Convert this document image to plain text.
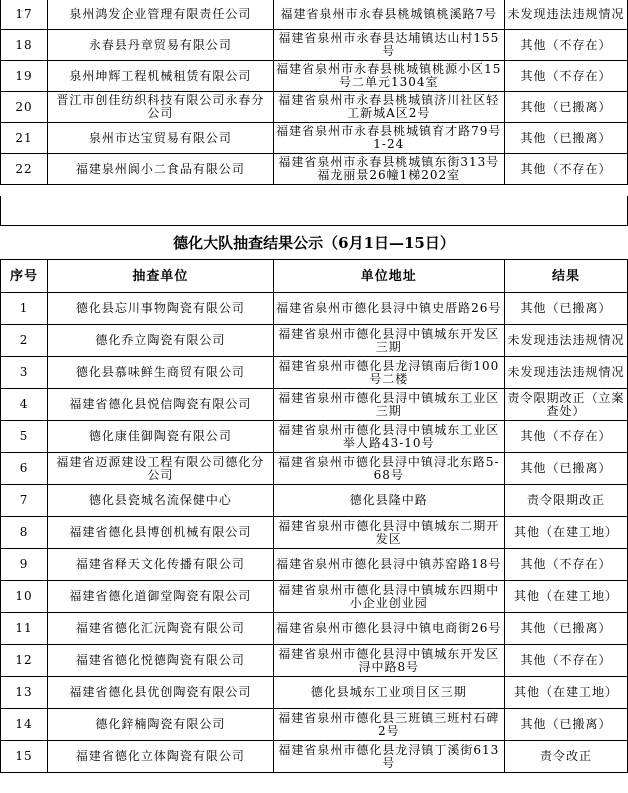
17	泉州鸿发企业管理有限责任公司	福建省泉州市永春县桃城镇桃溪路7号	未发现违法违规情况
18	永春县丹章贸易有限公司	福建省泉州市永春县达埔镇达山村155号	其他（不存在）
19	泉州坤辉工程机械租赁有限公司	福建省泉州市永春县桃城镇桃源小区15号二单元1304室	其他（不存在）
20	晋江市创佳纺织科技有限公司永春分公司	福建省泉州市永春县桃城镇济川社区轻工新城A区2号	其他（已搬离）
21	泉州市达宝贸易有限公司	福建省泉州市永春县桃城镇育才路79号1-24	其他（已搬离）
22	福建泉州阆小二食品有限公司	福建省泉州市永春县桃城镇东街313号福龙丽景26幢1梯202室	其他（不存在）
德化大队抽查结果公示（6月1日—15日）
序号	抽查单位	单位地址	结果
1	德化县忘川事物陶瓷有限公司	福建省泉州市德化县浔中镇史厝路26号	其他（已搬离）
2	德化乔立陶瓷有限公司	福建省泉州市德化县浔中镇城东开发区三期	未发现违法违规情况
3	德化县慕味鲜生商贸有限公司	福建省泉州市德化县龙浔镇南后街100号二楼	未发现违法违规情况
4	福建省德化县悦信陶瓷有限公司	福建省泉州市德化县浔中镇城东工业区三期	责令限期改正（立案查处）
5	德化康佳御陶瓷有限公司	福建省泉州市德化县浔中镇城东工业区举人路43-10号	其他（不存在）
6	福建省迈源建设工程有限公司德化分公司	福建省泉州市德化县浔中镇浔北东路5-68号	其他（已搬离）
7	德化县瓷城名流保健中心	德化县隆中路	责令限期改正
8	福建省德化县博创机械有限公司	福建省泉州市德化县浔中镇城东二期开发区	其他（在建工地）
9	福建省释天文化传播有限公司	福建省泉州市德化县浔中镇苏窑路18号	其他（不存在）
10	福建省德化道御堂陶瓷有限公司	福建省泉州市德化县浔中镇城东四期中小企业创业园	其他（在建工地）
11	福建省德化汇沅陶瓷有限公司	福建省泉州市德化县浔中镇电商街26号	其他（已搬离）
12	福建省德化悦德陶瓷有限公司	福建省泉州市德化县浔中镇城东开发区浔中路8号	其他（不存在）
13	福建省德化县优创陶瓷有限公司	德化县城东工业项目区三期	其他（在建工地）
14	德化鋅楠陶瓷有限公司	福建省泉州市德化县三班镇三班村石碑2号	其他（已搬离）
15	福建省德化立体陶瓷有限公司	福建省泉州市德化县龙浔镇丁溪街613号	责令改正
